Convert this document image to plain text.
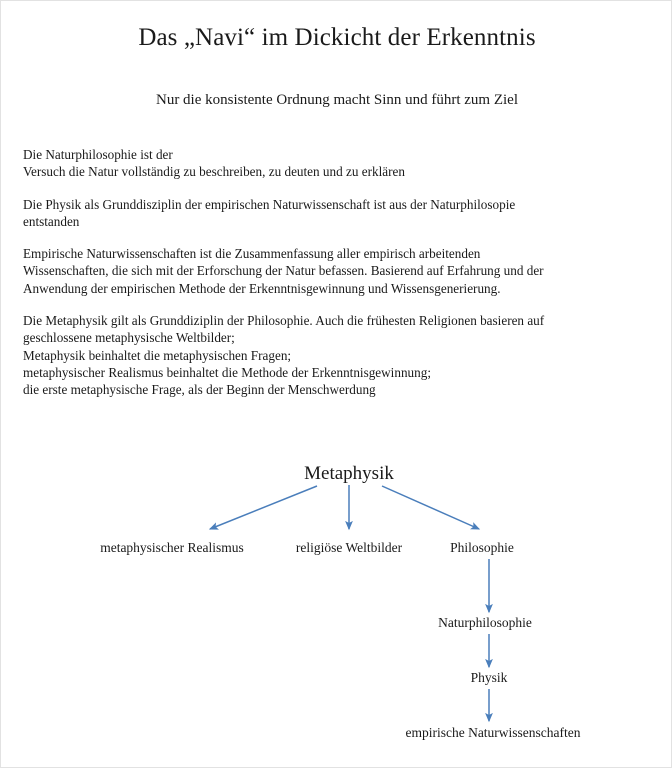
Das „Navi“ im Dickicht der Erkenntnis
Nur die konsistente Ordnung macht Sinn und führt zum Ziel

Die Naturphilosophie ist der
Versuch die Natur vollständig zu beschreiben, zu deuten und zu erklären

Die Physik als Grunddisziplin der empirischen Naturwissenschaft ist aus der Naturphilosopie
entstanden

Empirische Naturwissenschaften ist die Zusammenfassung aller empirisch arbeitenden
Wissenschaften, die sich mit der Erforschung der Natur befassen. Basierend auf Erfahrung und der
Anwendung der empirischen Methode der Erkenntnisgewinnung und Wissensgenerierung.

Die Metaphysik gilt als Grunddiziplin der Philosophie. Auch die frühesten Religionen basieren auf
geschlossene metaphysische Weltbilder;
Metaphysik beinhaltet die metaphysischen Fragen;
metaphysischer Realismus beinhaltet die Methode der Erkenntnisgewinnung;
die erste metaphysische Frage, als der Beginn der Menschwerdung

Metaphysik
metaphysischer Realismus	religiöse Weltbilder	Philosophie
Naturphilosophie
Physik
empirische Naturwissenschaften
